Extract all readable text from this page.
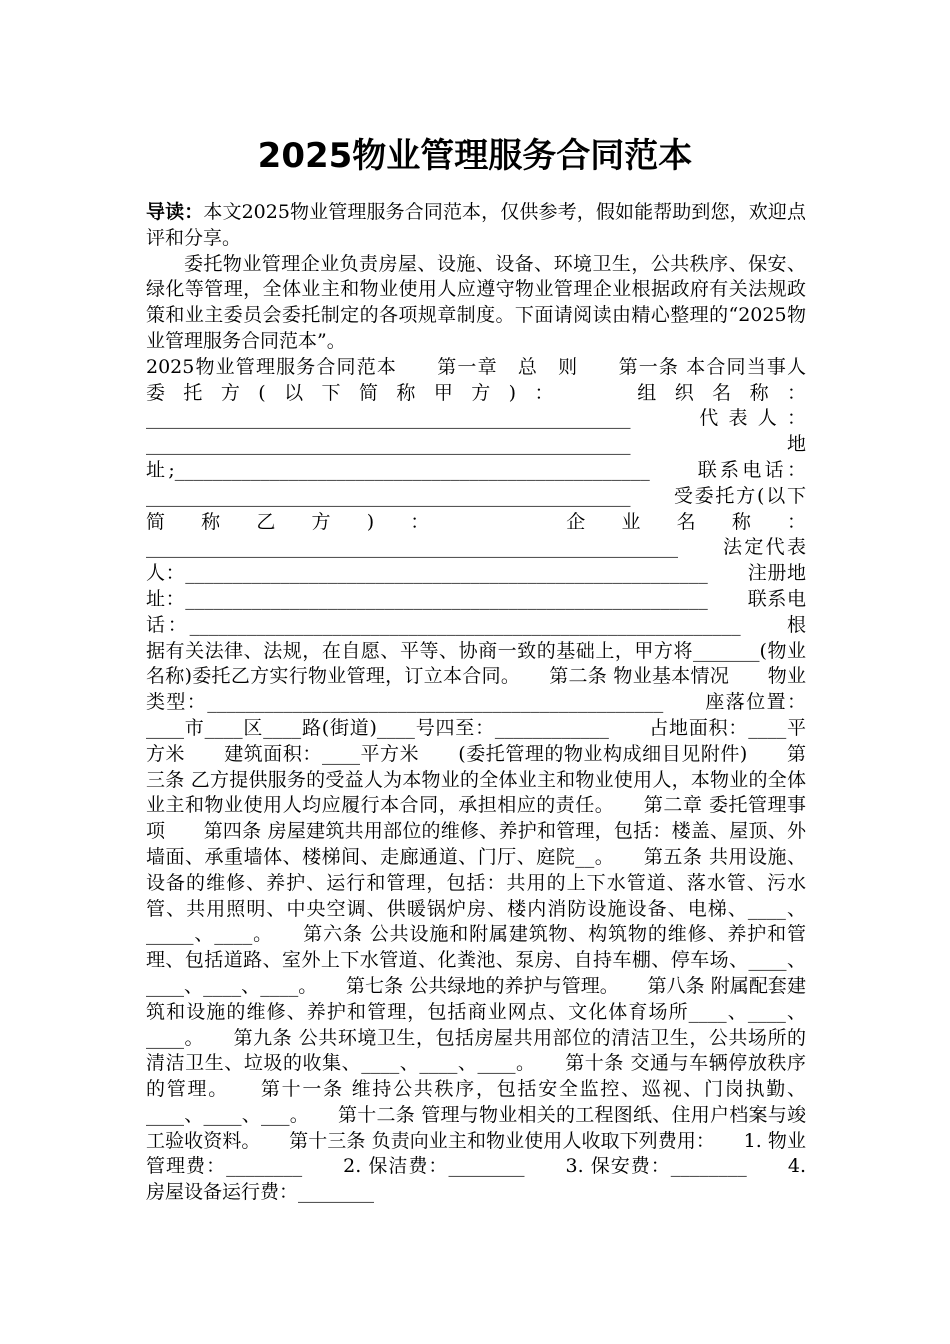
2025物业管理服务合同范本

导读：本文2025物业管理服务合同范本，仅供参考，假如能帮助到您，欢迎点评和分享。

委托物业管理企业负责房屋、设施、设备、环境卫生，公共秩序、保安、绿化等管理，全体业主和物业使用人应遵守物业管理企业根据政府有关法规政策和业主委员会委托制定的各项规章制度。下面请阅读由精心整理的“2025物业管理服务合同范本”。

2025物业管理服务合同范本　　第一章　总　则　　第一条 本合同当事人　　委托方(以下简称甲方)：　　组织名称：___________________________________________________　　代表人：___________________________________________________　　地址;__________________________________________________　　联系电话：___________________________________________________　　受委托方(以下简称乙方)：　　企业名称：________________________________________________________　　法定代表人：_______________________________________________________　　注册地址：_______________________________________________________　　联系电话：__________________________________________________________　　根据有关法律、法规，在自愿、平等、协商一致的基础上，甲方将_______(物业名称)委托乙方实行物业管理，订立本合同。　　第二条 物业基本情况　　物业类型：________________________________________________　　座落位置：____市____区____路(街道)____号四至：____________　　占地面积：____平方米　　建筑面积：____平方米　　(委托管理的物业构成细目见附件)　　第三条 乙方提供服务的受益人为本物业的全体业主和物业使用人，本物业的全体业主和物业使用人均应履行本合同，承担相应的责任。　　第二章 委托管理事项　　第四条 房屋建筑共用部位的维修、养护和管理，包括：楼盖、屋顶、外墙面、承重墙体、楼梯间、走廊通道、门厅、庭院__。　　第五条 共用设施、设备的维修、养护、运行和管理，包括：共用的上下水管道、落水管、污水管、共用照明、中央空调、供暖锅炉房、楼内消防设施设备、电梯、____、_____、____。　　第六条 公共设施和附属建筑物、构筑物的维修、养护和管理、包括道路、室外上下水管道、化粪池、泵房、自持车棚、停车场、____、____、____、____。　　第七条 公共绿地的养护与管理。　　第八条 附属配套建筑和设施的维修、养护和管理，包括商业网点、文化体育场所____、____、____。　　第九条 公共环境卫生，包括房屋共用部位的清洁卫生，公共场所的清洁卫生、垃圾的收集、____、____、____。　　第十条 交通与车辆停放秩序的管理。　　第十一条 维持公共秩序，包括安全监控、巡视、门岗执勤、____、____、___。　　第十二条 管理与物业相关的工程图纸、住用户档案与竣工验收资料。　　第十三条 负责向业主和物业使用人收取下列费用：　　1. 物业管理费：________　　2. 保洁费：________　　3. 保安费：________　　4. 房屋设备运行费：________
